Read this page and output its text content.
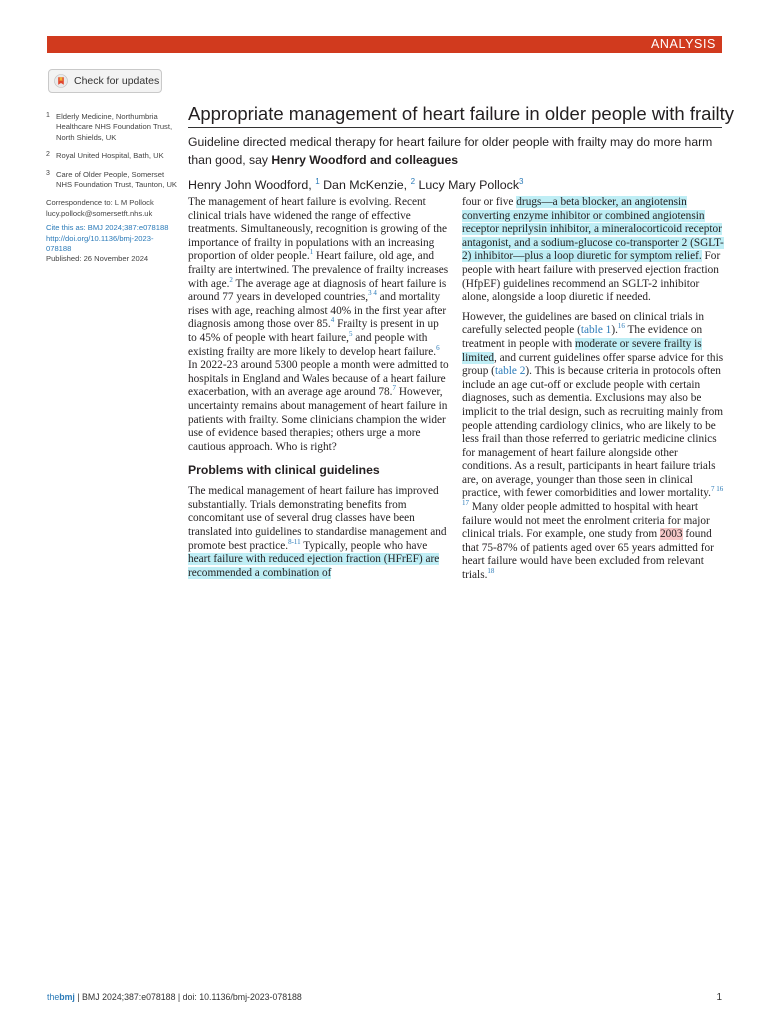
ANALYSIS
Check for updates
1 Elderly Medicine, Northumbria Healthcare NHS Foundation Trust, North Shields, UK
2 Royal United Hospital, Bath, UK
3 Care of Older People, Somerset NHS Foundation Trust, Taunton, UK
Correspondence to: L M Pollock
lucy.pollock@somersetft.nhs.uk
Cite this as: BMJ 2024;387:e078188
http://doi.org/10.1136/bmj-2023-078188
Published: 26 November 2024
Appropriate management of heart failure in older people with frailty
Guideline directed medical therapy for heart failure for older people with frailty may do more harm than good, say Henry Woodford and colleagues
Henry John Woodford, $^1$ Dan McKenzie, $^2$ Lucy Mary Pollock$^3$

The management of heart failure is evolving. Recent clinical trials have widened the range of effective treatments. Simultaneously, recognition is growing of the importance of frailty in populations with an increasing proportion of older people.$^1$ Heart failure, old age, and frailty are intertwined. The prevalence of frailty increases with age.$^2$ The average age at diagnosis of heart failure is around 77 years in developed countries,$^{3 4}$ and mortality rises with age, reaching almost 40% in the first year after diagnosis among those over 85.$^4$ Frailty is present in up to 45% of people with heart failure,$^5$ and people with existing frailty are more likely to develop heart failure.$^6$ In 2022-23 around 5300 people a month were admitted to hospitals in England and Wales because of a heart failure exacerbation, with an average age around 78.$^7$ However, uncertainty remains about management of heart failure in patients with frailty. Some clinicians champion the wider use of evidence based therapies; others urge a more cautious approach. Who is right?

Problems with clinical guidelines

The medical management of heart failure has improved substantially. Trials demonstrating benefits from concomitant use of several drug classes have been translated into guidelines to standardise management and promote best practice.$^{8-11}$ Typically, people who have heart failure with reduced ejection fraction (HFrEF) are recommended a combination of

four or five drugs—a beta blocker, an angiotensin converting enzyme inhibitor or combined angiotensin receptor neprilysin inhibitor, a mineralocorticoid receptor antagonist, and a sodium-glucose co-transporter 2 (SGLT-2) inhibitor—plus a loop diuretic for symptom relief. For people with heart failure with preserved ejection fraction (HfpEF) guidelines recommend an SGLT-2 inhibitor alone, alongside a loop diuretic if needed.

However, the guidelines are based on clinical trials in carefully selected people (table 1).$^{16}$ The evidence on treatment in people with moderate or severe frailty is limited, and current guidelines offer sparse advice for this group (table 2). This is because criteria in protocols often include an age cut-off or exclude people with certain diagnoses, such as dementia. Exclusions may also be implicit to the trial design, such as recruiting mainly from people attending cardiology clinics, who are likely to be less frail than those referred to geriatric medicine clinics for management of heart failure alongside other conditions. As a result, participants in heart failure trials are, on average, younger than those seen in clinical practice, with fewer comorbidities and lower mortality.$^{7 16 17}$ Many older people admitted to hospital with heart failure would not meet the enrolment criteria for major clinical trials. For example, one study from 2003 found that 75-87% of patients aged over 65 years admitted for heart failure would have been excluded from relevant trials.$^{18}$

thebmj | BMJ 2024;387:e078188 | doi: 10.1136/bmj-2023-078188	1
